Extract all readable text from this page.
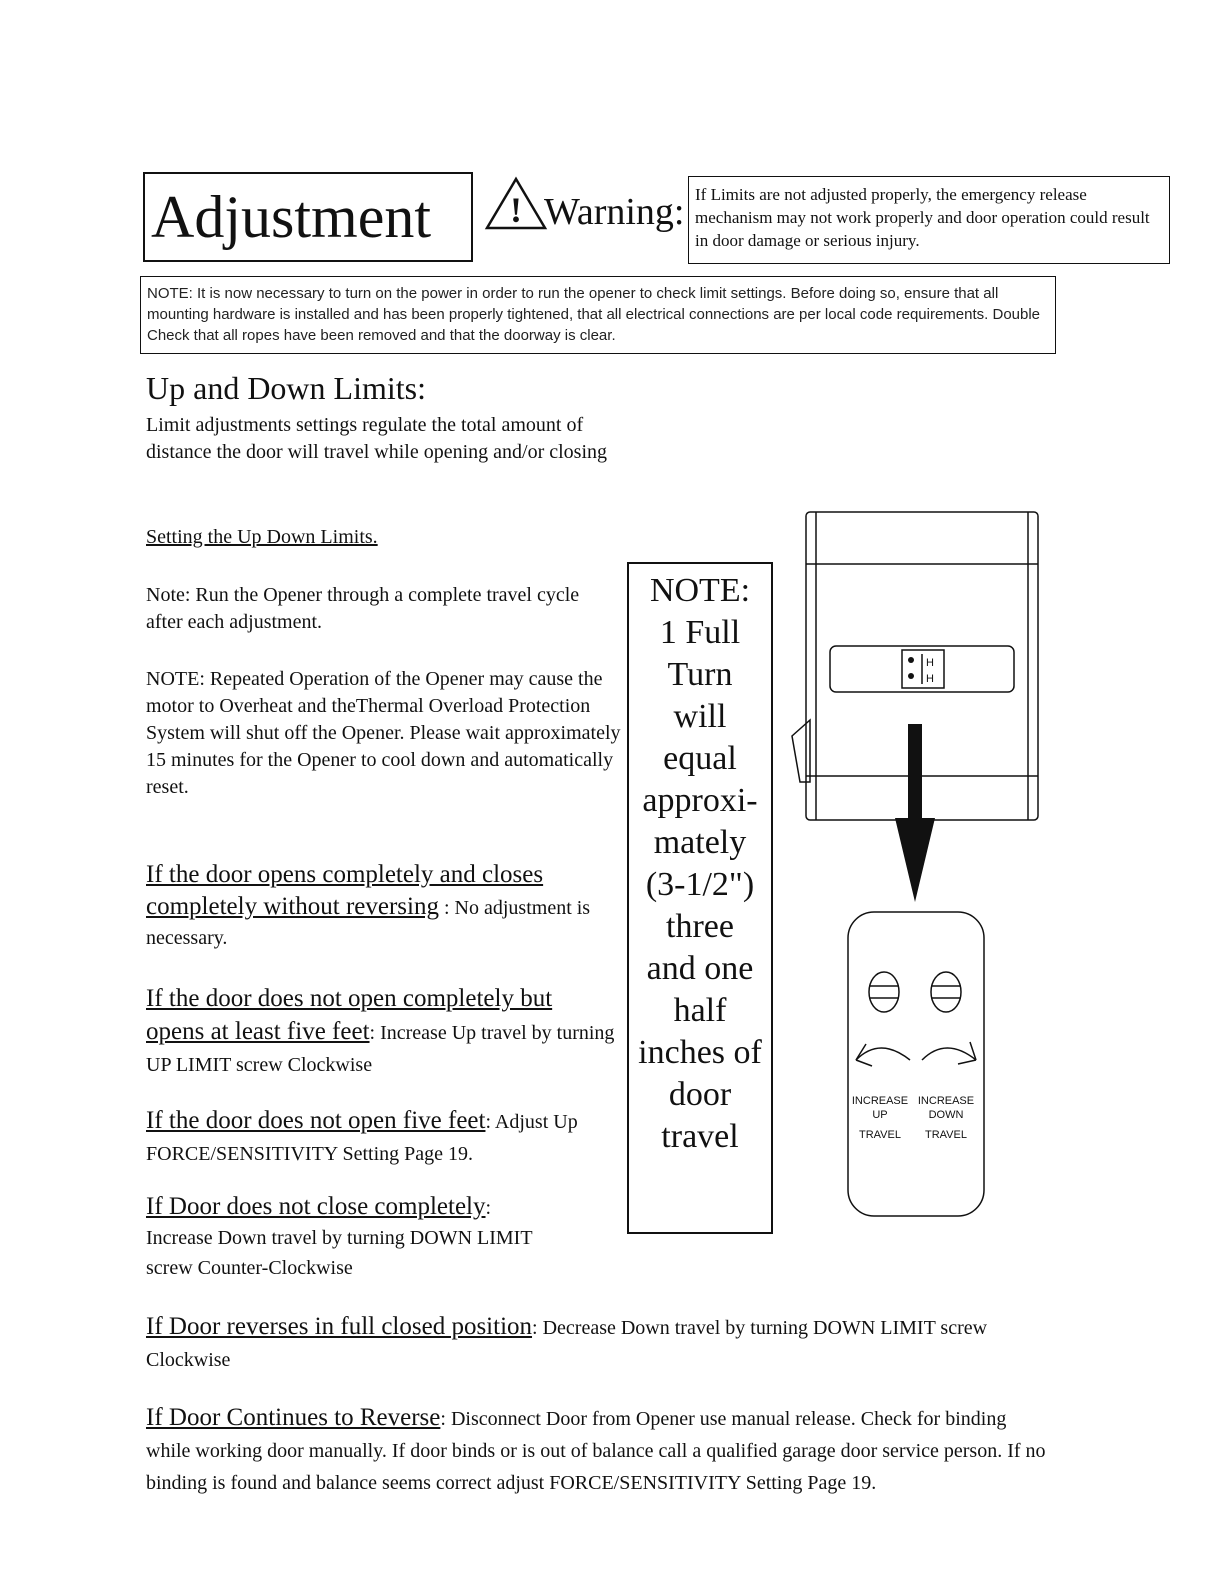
Adjustment	! Warning: If Limits are not adjusted properly, the emergency release mechanism may not work properly and door operation could result in door damage or serious injury.
NOTE: It is now necessary to turn on the power in order to run the opener to check limit settings. Before doing so, ensure that all mounting hardware is installed and has been properly tightened, that all electrical connections are per local code requirements. Double Check that all ropes have been removed and that the doorway is clear.
Up and Down Limits:
Limit adjustments settings regulate the total amount of distance the door will travel while opening and/or closing
Setting the Up Down Limits.
Note: Run the Opener through a complete travel cycle after each adjustment.
NOTE: Repeated Operation of the Opener may cause the motor to Overheat and theThermal Overload Protection System will shut off the Opener. Please wait approximately 15 minutes for the Opener to cool down and automatically reset.
If the door opens completely and closes completely without reversing : No adjustment is necessary.
If the door does not open completely but opens at least five feet: Increase Up travel by turning UP LIMIT screw Clockwise
If the door does not open five feet: Adjust Up FORCE/SENSITIVITY Setting Page 19.
If Door does not close completely:
Increase Down travel by turning DOWN LIMIT screw Counter-Clockwise
If Door reverses in full closed position: Decrease Down travel by turning DOWN LIMIT screw Clockwise
If Door Continues to Reverse: Disconnect Door from Opener use manual release. Check for binding while working door manually. If door binds or is out of balance call a qualified garage door service person. If no binding is found and balance seems correct adjust FORCE/SENSITIVITY Setting Page 19.
NOTE:
1 Full
Turn
will
equal
approxi-
mately
(3-1/2")
three
and one
half
inches of
door
travel
H
H
INCREASE
UP
TRAVEL
INCREASE
DOWN
TRAVEL
